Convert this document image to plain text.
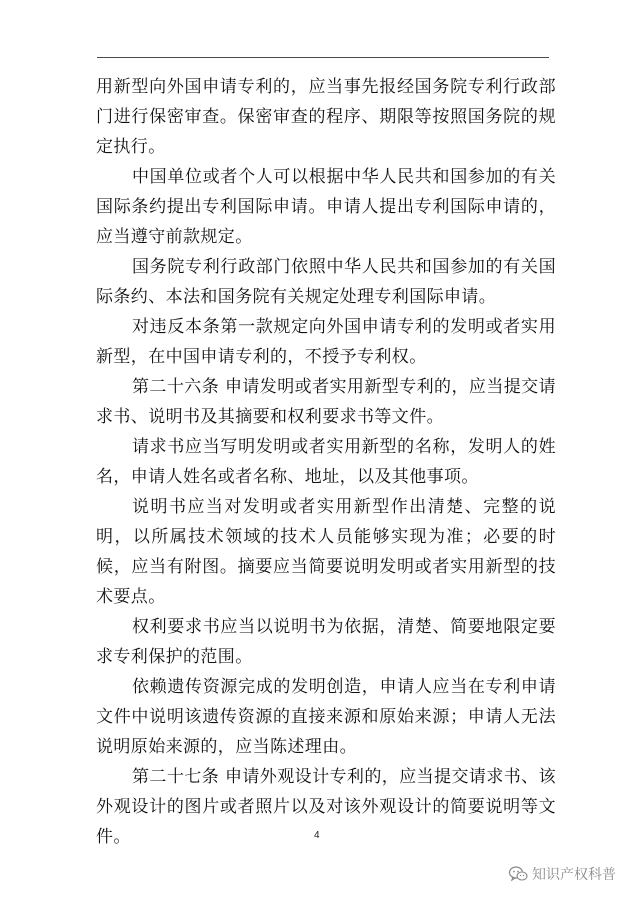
用新型向外国申请专利的，应当事先报经国务院专利行政部门进行保密审查。保密审查的程序、期限等按照国务院的规定执行。

中国单位或者个人可以根据中华人民共和国参加的有关国际条约提出专利国际申请。申请人提出专利国际申请的，应当遵守前款规定。

国务院专利行政部门依照中华人民共和国参加的有关国际条约、本法和国务院有关规定处理专利国际申请。

对违反本条第一款规定向外国申请专利的发明或者实用新型，在中国申请专利的，不授予专利权。

第二十六条 申请发明或者实用新型专利的，应当提交请求书、说明书及其摘要和权利要求书等文件。

请求书应当写明发明或者实用新型的名称，发明人的姓名，申请人姓名或者名称、地址，以及其他事项。

说明书应当对发明或者实用新型作出清楚、完整的说明，以所属技术领域的技术人员能够实现为准；必要的时候，应当有附图。摘要应当简要说明发明或者实用新型的技术要点。

权利要求书应当以说明书为依据，清楚、简要地限定要求专利保护的范围。

依赖遗传资源完成的发明创造，申请人应当在专利申请文件中说明该遗传资源的直接来源和原始来源；申请人无法说明原始来源的，应当陈述理由。

第二十七条 申请外观设计专利的，应当提交请求书、该外观设计的图片或者照片以及对该外观设计的简要说明等文件。	4
知识产权科普
